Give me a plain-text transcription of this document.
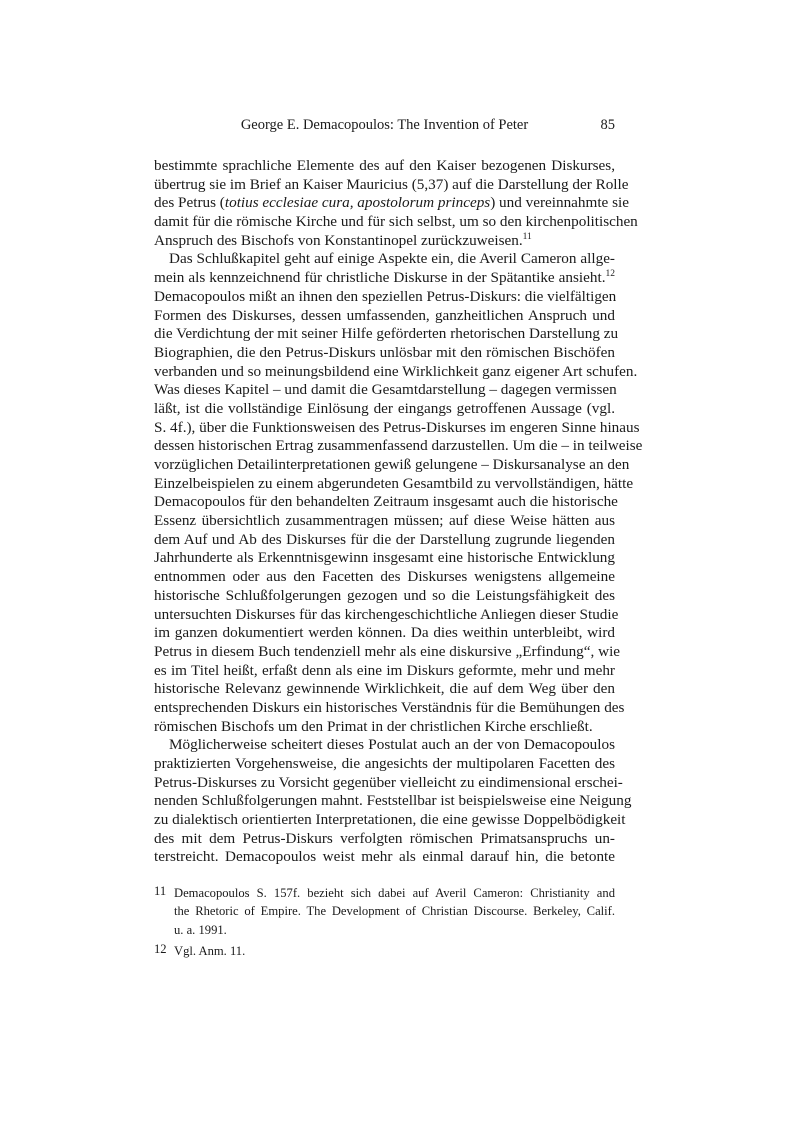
George E. Demacopoulos: The Invention of Peter	85
bestimmte sprachliche Elemente des auf den Kaiser bezogenen Diskurses,
übertrug sie im Brief an Kaiser Mauricius (5,37) auf die Darstellung der Rolle
des Petrus (totius ecclesiae cura, apostolorum princeps) und vereinnahmte sie
damit für die römische Kirche und für sich selbst, um so den kirchenpolitischen
Anspruch des Bischofs von Konstantinopel zurückzuweisen.$^{11}$
Das Schlußkapitel geht auf einige Aspekte ein, die Averil Cameron allge-
mein als kennzeichnend für christliche Diskurse in der Spätantike ansieht.$^{12}$
Demacopoulos mißt an ihnen den speziellen Petrus-Diskurs: die vielfältigen
Formen des Diskurses, dessen umfassenden, ganzheitlichen Anspruch und
die Verdichtung der mit seiner Hilfe geförderten rhetorischen Darstellung zu
Biographien, die den Petrus-Diskurs unlösbar mit den römischen Bischöfen
verbanden und so meinungsbildend eine Wirklichkeit ganz eigener Art schufen.
Was dieses Kapitel – und damit die Gesamtdarstellung – dagegen vermissen
läßt, ist die vollständige Einlösung der eingangs getroffenen Aussage (vgl.
S. 4f.), über die Funktionsweisen des Petrus-Diskurses im engeren Sinne hinaus
dessen historischen Ertrag zusammenfassend darzustellen. Um die – in teilweise
vorzüglichen Detailinterpretationen gewiß gelungene – Diskursanalyse an den
Einzelbeispielen zu einem abgerundeten Gesamtbild zu vervollständigen, hätte
Demacopoulos für den behandelten Zeitraum insgesamt auch die historische
Essenz übersichtlich zusammentragen müssen; auf diese Weise hätten aus
dem Auf und Ab des Diskurses für die der Darstellung zugrunde liegenden
Jahrhunderte als Erkenntnisgewinn insgesamt eine historische Entwicklung
entnommen oder aus den Facetten des Diskurses wenigstens allgemeine
historische Schlußfolgerungen gezogen und so die Leistungsfähigkeit des
untersuchten Diskurses für das kirchengeschichtliche Anliegen dieser Studie
im ganzen dokumentiert werden können. Da dies weithin unterbleibt, wird
Petrus in diesem Buch tendenziell mehr als eine diskursive „Erfindung“, wie
es im Titel heißt, erfaßt denn als eine im Diskurs geformte, mehr und mehr
historische Relevanz gewinnende Wirklichkeit, die auf dem Weg über den
entsprechenden Diskurs ein historisches Verständnis für die Bemühungen des
römischen Bischofs um den Primat in der christlichen Kirche erschließt.
Möglicherweise scheitert dieses Postulat auch an der von Demacopoulos
praktizierten Vorgehensweise, die angesichts der multipolaren Facetten des
Petrus-Diskurses zu Vorsicht gegenüber vielleicht zu eindimensional erschei-
nenden Schlußfolgerungen mahnt. Feststellbar ist beispielsweise eine Neigung
zu dialektisch orientierten Interpretationen, die eine gewisse Doppelbödigkeit
des mit dem Petrus-Diskurs verfolgten römischen Primatsanspruchs un-
terstreicht. Demacopoulos weist mehr als einmal darauf hin, die betonte
11 Demacopoulos S. 157f. bezieht sich dabei auf Averil Cameron: Christianity and
the Rhetoric of Empire. The Development of Christian Discourse. Berkeley, Calif.
u. a. 1991.
12 Vgl. Anm. 11.
